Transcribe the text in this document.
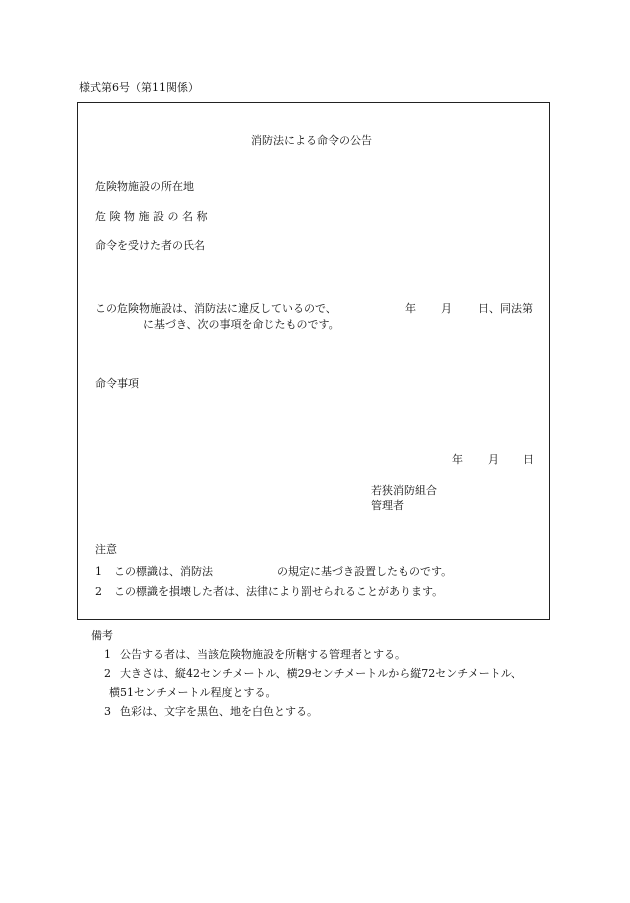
様式第6号（第11関係）
消防法による命令の公告
危険物施設の所在地
危 険 物 施 設 の 名 称
命令を受けた者の氏名
この危険物施設は、消防法に違反しているので、	年 月 日、同法第
に基づき、次の事項を命じたものです。
命令事項
年 月 日
若狭消防組合
管理者
注意
1 この標識は、消防法	の規定に基づき設置したものです。
2 この標識を損壊した者は、法律により罰せられることがあります。
備考
1 公告する者は、当該危険物施設を所轄する管理者とする。
2 大きさは、縦42センチメートル、横29センチメートルから縦72センチメートル、
横51センチメートル程度とする。
3 色彩は、文字を黒色、地を白色とする。
